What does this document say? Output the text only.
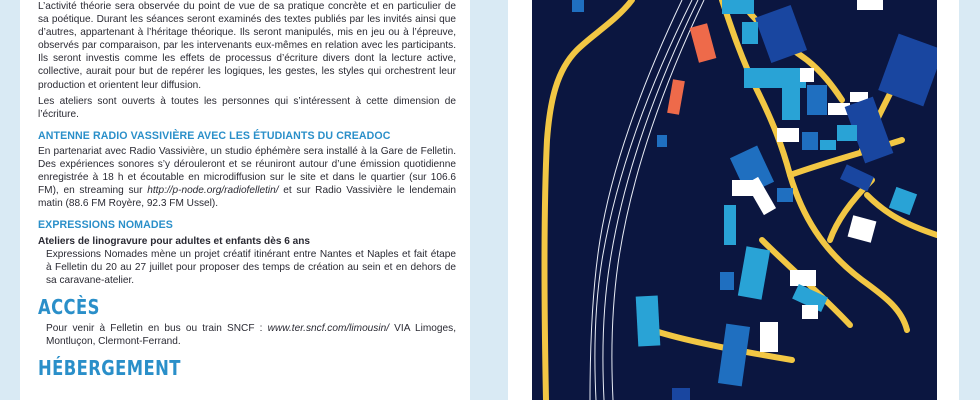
L’activité théorie sera observée du point de vue de sa pratique concrète et en particulier de sa poétique. Durant les séances seront examinés des textes publiés par les invités ainsi que d’autres, appartenant à l’héritage théorique. Ils seront manipulés, mis en jeu ou à l’épreuve, observés par comparaison, par les intervenants eux-mêmes en relation avec les participants. Ils seront investis comme les effets de processus d’écriture divers dont la lecture active, collective, aurait pour but de repérer les logiques, les gestes, les styles qui orchestrent leur production et orientent leur diffusion.

Les ateliers sont ouverts à toutes les personnes qui s’intéressent à cette dimension de l’écriture.

ANTENNE RADIO VASSIVIÈRE AVEC LES ÉTUDIANTS DU CREADOC

En partenariat avec Radio Vassivière, un studio éphémère sera installé à la Gare de Felletin. Des expériences sonores s’y dérouleront et se réuniront autour d’une émission quotidienne enregistrée à 18 h et écoutable en microdiffusion sur le site et dans le quartier (sur 106.6 FM), en streaming sur http://p-node.org/radiofelletin/ et sur Radio Vassivière le lendemain matin (88.6 FM Royère, 92.3 FM Ussel).

EXPRESSIONS NOMADES

Ateliers de linogravure pour adultes et enfants dès 6 ans

Expressions Nomades mène un projet créatif itinérant entre Nantes et Naples et fait étape à Felletin du 20 au 27 juillet pour proposer des temps de création au sein et en dehors de sa caravane-atelier.

ACCÈS

Pour venir à Felletin en bus ou train SNCF : www.ter.sncf.com/limousin/ VIA Limoges, Montluçon, Clermont-Ferrand.

HÉBERGEMENT
